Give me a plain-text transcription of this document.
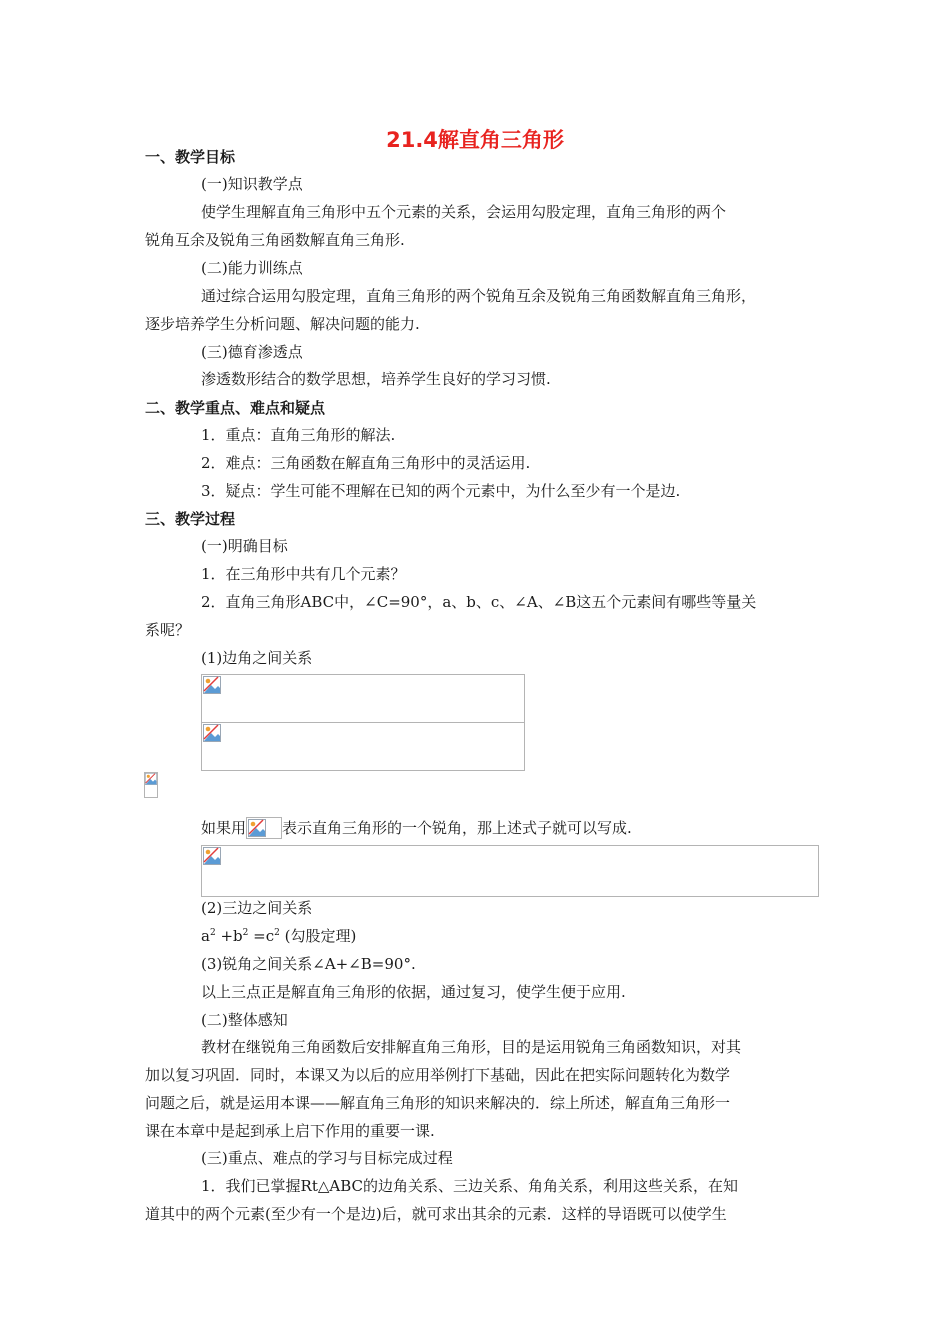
21.4解直角三角形
一、教学目标
(一)知识教学点
使学生理解直角三角形中五个元素的关系，会运用勾股定理，直角三角形的两个
锐角互余及锐角三角函数解直角三角形.
(二)能力训练点
通过综合运用勾股定理，直角三角形的两个锐角互余及锐角三角函数解直角三角形，
逐步培养学生分析问题、解决问题的能力.
(三)德育渗透点
渗透数形结合的数学思想，培养学生良好的学习习惯.
二、教学重点、难点和疑点
1．重点：直角三角形的解法.
2．难点：三角函数在解直角三角形中的灵活运用.
3．疑点：学生可能不理解在已知的两个元素中，为什么至少有一个是边.
三、教学过程
(一)明确目标
1．在三角形中共有几个元素？
2．直角三角形ABC中，∠C=90°，a、b、c、∠A、∠B这五个元素间有哪些等量关
系呢？
(1)边角之间关系
如果用 表示直角三角形的一个锐角，那上述式子就可以写成.
(2)三边之间关系
$a^2 +b^2 =c^2$ (勾股定理)
(3)锐角之间关系∠A+∠B=90°.
以上三点正是解直角三角形的依据，通过复习，使学生便于应用.
(二)整体感知
教材在继锐角三角函数后安排解直角三角形，目的是运用锐角三角函数知识，对其
加以复习巩固．同时，本课又为以后的应用举例打下基础，因此在把实际问题转化为数学
问题之后，就是运用本课——解直角三角形的知识来解决的．综上所述，解直角三角形一
课在本章中是起到承上启下作用的重要一课.
(三)重点、难点的学习与目标完成过程
1．我们已掌握Rt△ABC的边角关系、三边关系、角角关系，利用这些关系，在知
道其中的两个元素(至少有一个是边)后，就可求出其余的元素．这样的导语既可以使学生
